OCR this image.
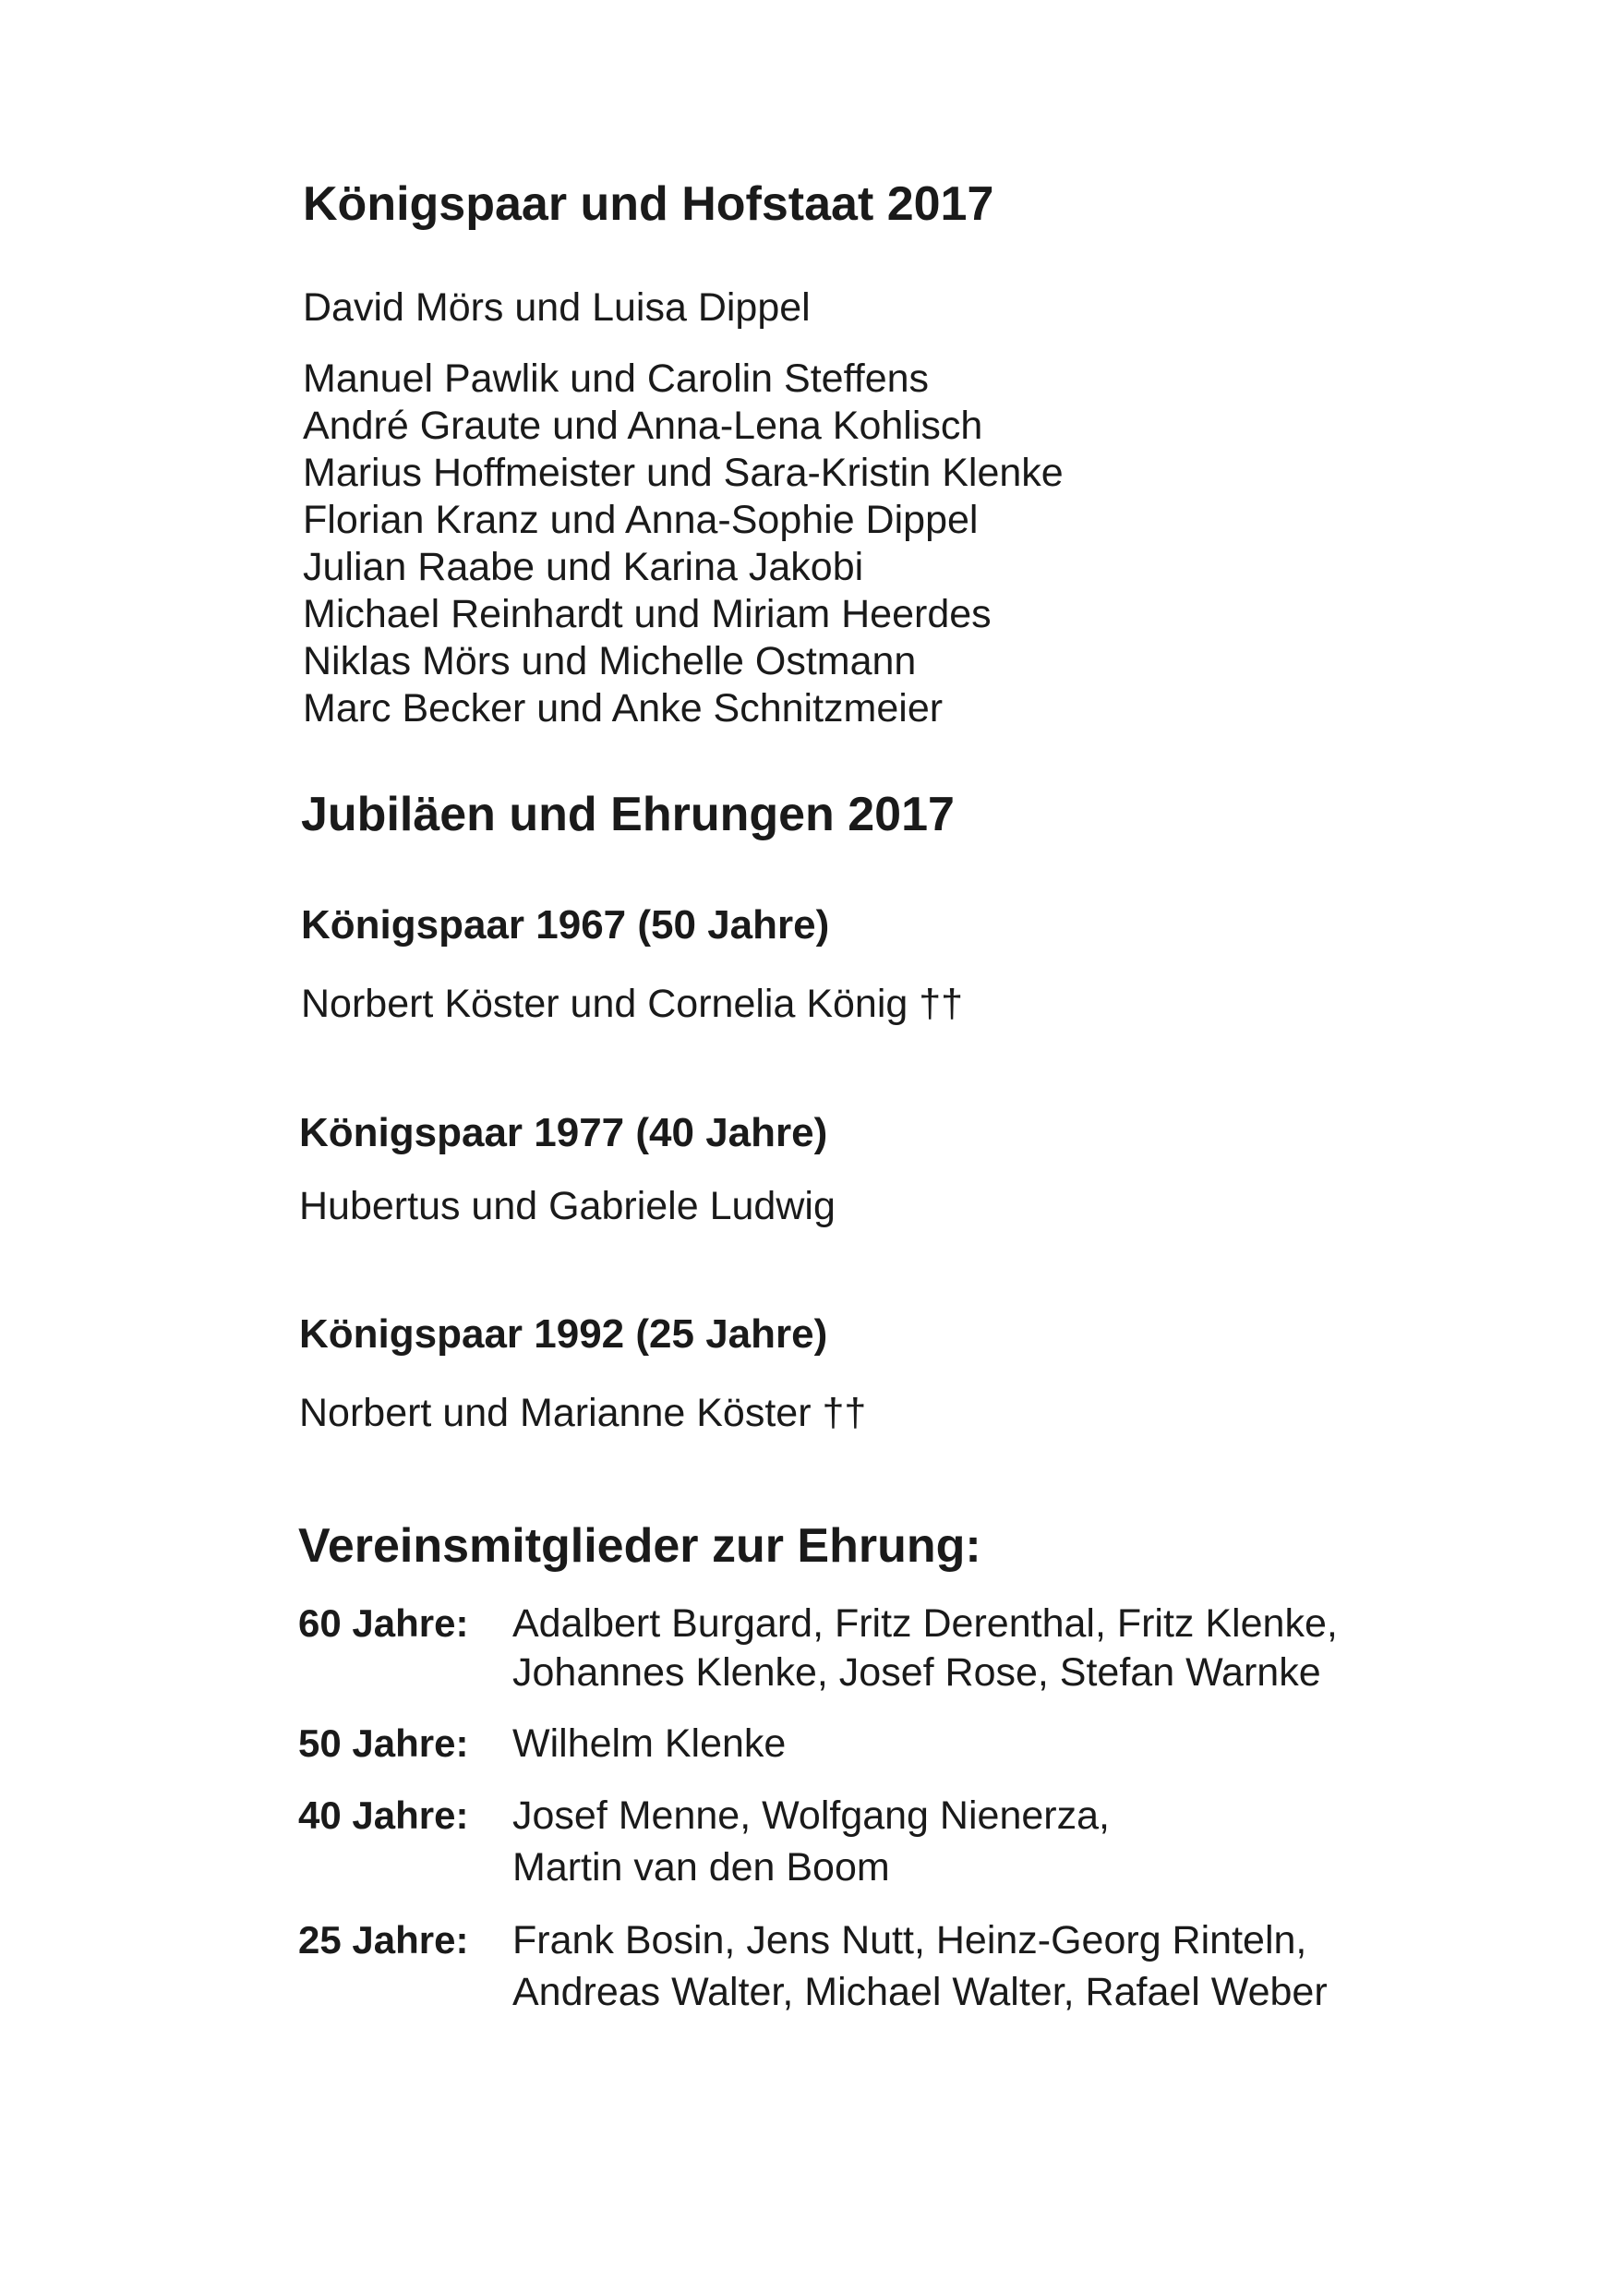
Königspaar und Hofstaat 2017
David Mörs und Luisa Dippel
Manuel Pawlik und Carolin Steffens
André Graute und Anna-Lena Kohlisch
Marius Hoffmeister und Sara-Kristin Klenke
Florian Kranz und Anna-Sophie Dippel
Julian Raabe und Karina Jakobi
Michael Reinhardt und Miriam Heerdes
Niklas Mörs und Michelle Ostmann
Marc Becker und Anke Schnitzmeier
Jubiläen und Ehrungen 2017
Königspaar 1967 (50 Jahre)
Norbert Köster und Cornelia König ††
Königspaar 1977 (40 Jahre)
Hubertus und Gabriele Ludwig
Königspaar 1992 (25 Jahre)
Norbert und Marianne Köster ††
Vereinsmitglieder zur Ehrung:
60 Jahre: Adalbert Burgard, Fritz Derenthal, Fritz Klenke,
Johannes Klenke, Josef Rose, Stefan Warnke
50 Jahre: Wilhelm Klenke
40 Jahre: Josef Menne, Wolfgang Nienerza,
Martin van den Boom
25 Jahre: Frank Bosin, Jens Nutt, Heinz-Georg Rinteln,
Andreas Walter, Michael Walter, Rafael Weber
